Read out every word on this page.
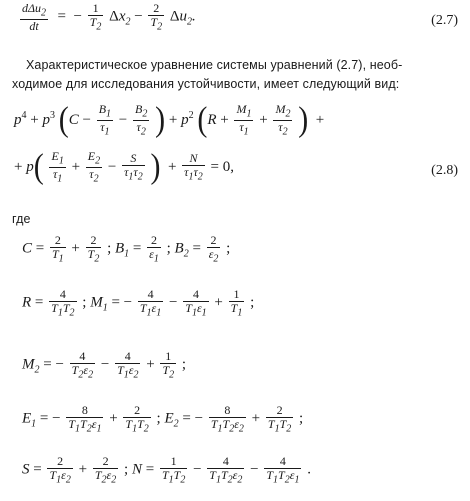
dΔu$_2$
dt
=  − $\frac{1}{T_2} \Delta x_2 - \frac{2}{T_2} \Delta u_2$.	(2.7)
Характеристическое уравнение системы уравнений (2.7), необ-
ходимое для исследования устойчивости, имеет следующий вид:
$p^4 + p^3$ ($C - \frac{B_1}{\tau_1} - \frac{B_2}{\tau_2}$ ) + $p^2$ ($R + \frac{M_1}{\tau_1} + \frac{M_2}{\tau_2}$ )  +
+ $p( \frac{E_1}{\tau_1} + \frac{E_2}{\tau_2} - \frac{S}{\tau_1\tau_2}$ )  + $\frac{N}{\tau_1\tau_2} = 0$,	(2.8)
где
$C = \frac{2}{T_1} + \frac{2}{T_2}$ ; $B_1 = \frac{2}{\varepsilon_1}$ ; $B_2 = \frac{2}{\varepsilon_2}$ ;
$R = \frac{4}{T_1T_2}$ ; $M_1$ = − $\frac{4}{T_1\varepsilon_1} - \frac{4}{T_1\varepsilon_1} + \frac{1}{T_1}$ ;
$M_2$ = − $\frac{4}{T_2\varepsilon_2} - \frac{4}{T_1\varepsilon_2} + \frac{1}{T_2}$ ;
$E_1$ = − $\frac{8}{T_1T_2\varepsilon_1} + \frac{2}{T_1T_2}$ ; $E_2$ = − $\frac{8}{T_1T_2\varepsilon_2} + \frac{2}{T_1T_2}$ ;
$S = \frac{2}{T_1\varepsilon_2} + \frac{2}{T_2\varepsilon_2}$ ; $N = \frac{1}{T_1T_2} - \frac{4}{T_1T_2\varepsilon_2} - \frac{4}{T_1T_2\varepsilon_1}$ .
